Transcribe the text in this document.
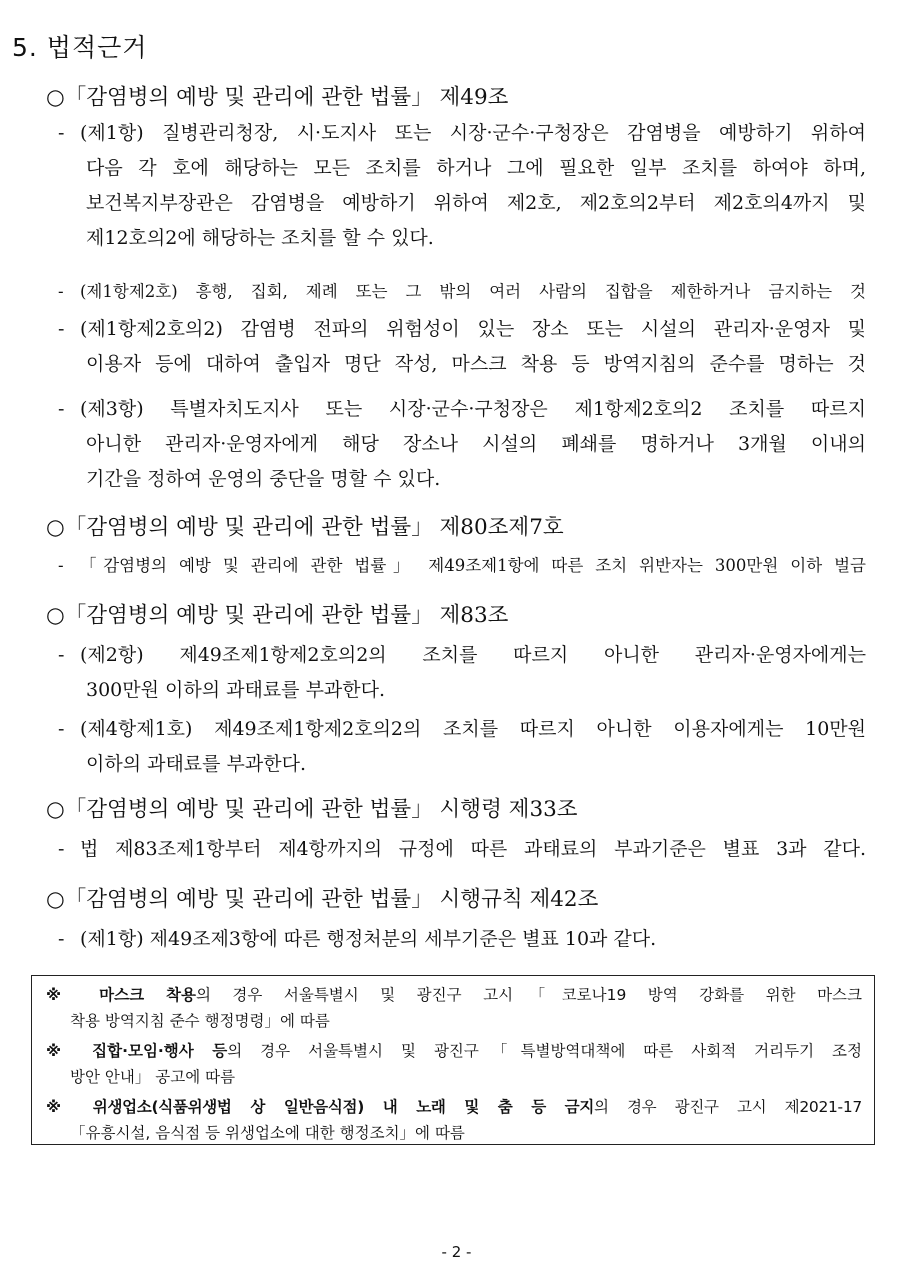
5. 법적근거
○「감염병의 예방 및 관리에 관한 법률」 제49조
- (제1항) 질병관리청장, 시·도지사 또는 시장·군수·구청장은 감염병을 예방하기 위하여
다음 각 호에 해당하는 모든 조치를 하거나 그에 필요한 일부 조치를 하여야 하며,
보건복지부장관은 감염병을 예방하기 위하여 제2호, 제2호의2부터 제2호의4까지 및
제12호의2에 해당하는 조치를 할 수 있다.
- (제1항제2호) 흥행, 집회, 제례 또는 그 밖의 여러 사람의 집합을 제한하거나 금지하는 것
- (제1항제2호의2) 감염병 전파의 위험성이 있는 장소 또는 시설의 관리자·운영자 및
이용자 등에 대하여 출입자 명단 작성, 마스크 착용 등 방역지침의 준수를 명하는 것
- (제3항) 특별자치도지사 또는 시장·군수·구청장은 제1항제2호의2 조치를 따르지
아니한 관리자·운영자에게 해당 장소나 시설의 폐쇄를 명하거나 3개월 이내의
기간을 정하여 운영의 중단을 명할 수 있다.
○「감염병의 예방 및 관리에 관한 법률」 제80조제7호
- 「감염병의 예방 및 관리에 관한 법률」 제49조제1항에 따른 조치 위반자는 300만원 이하 벌금
○「감염병의 예방 및 관리에 관한 법률」 제83조
- (제2항) 제49조제1항제2호의2의 조치를 따르지 아니한 관리자·운영자에게는
300만원 이하의 과태료를 부과한다.
- (제4항제1호) 제49조제1항제2호의2의 조치를 따르지 아니한 이용자에게는 10만원
이하의 과태료를 부과한다.
○「감염병의 예방 및 관리에 관한 법률」 시행령 제33조
- 법 제83조제1항부터 제4항까지의 규정에 따른 과태료의 부과기준은 별표 3과 같다.
○「감염병의 예방 및 관리에 관한 법률」 시행규칙 제42조
- (제1항) 제49조제3항에 따른 행정처분의 세부기준은 별표 10과 같다.
※ 마스크 착용의 경우 서울특별시 및 광진구 고시「코로나19 방역 강화를 위한 마스크
착용 방역지침 준수 행정명령」에 따름
※ 집합·모임·행사 등의 경우 서울특별시 및 광진구「특별방역대책에 따른 사회적 거리두기 조정
방안 안내」 공고에 따름
※ 위생업소(식품위생법 상 일반음식점) 내 노래 및 춤 등 금지의 경우 광진구 고시 제2021-17
「유흥시설, 음식점 등 위생업소에 대한 행정조치」에 따름
- 2 -
